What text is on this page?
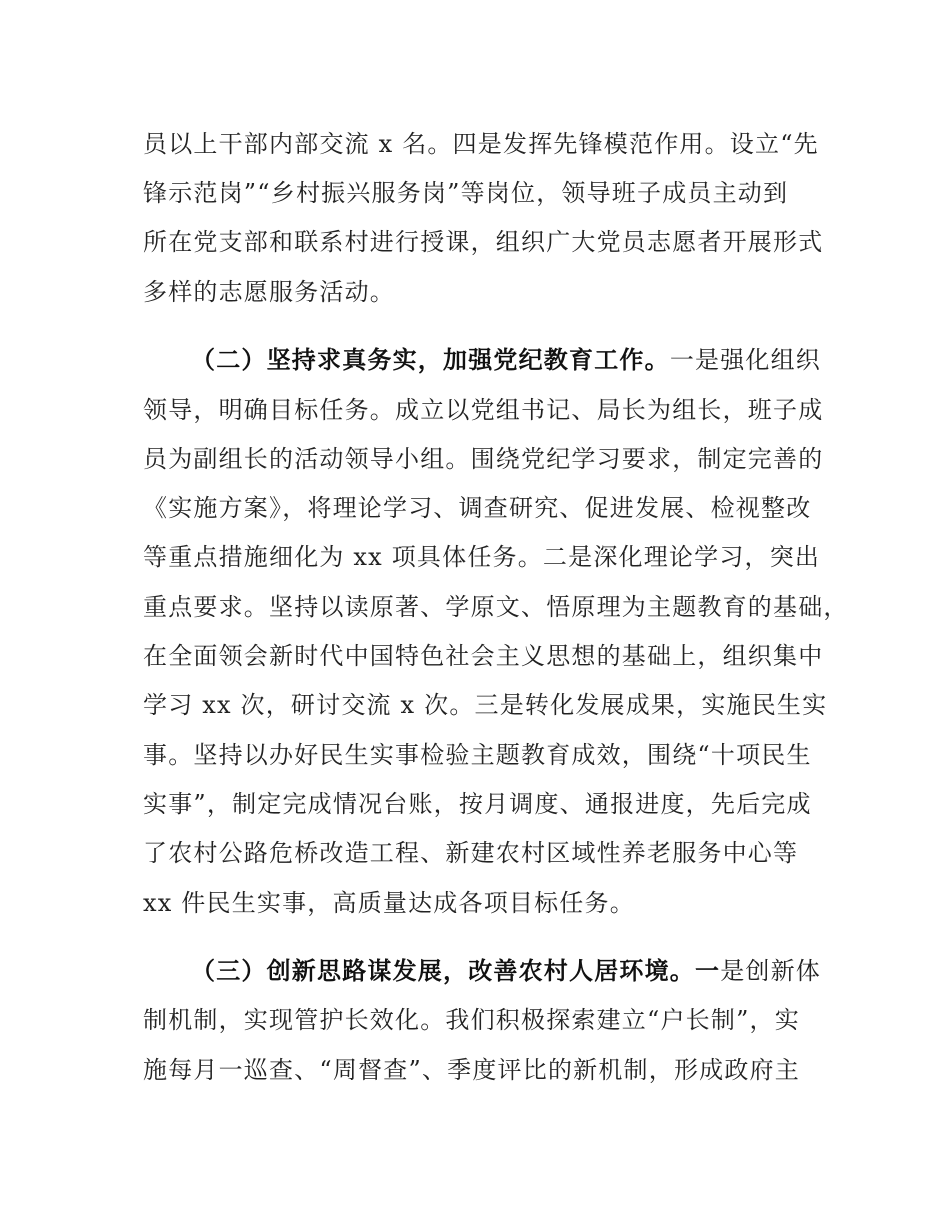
员以上干部内部交流 x 名。四是发挥先锋模范作用。设立“先
锋示范岗”“乡村振兴服务岗”等岗位，领导班子成员主动到
所在党支部和联系村进行授课，组织广大党员志愿者开展形式
多样的志愿服务活动。
（二）坚持求真务实，加强党纪教育工作。一是强化组织
领导，明确目标任务。成立以党组书记、局长为组长，班子成
员为副组长的活动领导小组。围绕党纪学习要求，制定完善的
《实施方案》，将理论学习、调查研究、促进发展、检视整改
等重点措施细化为 xx 项具体任务。二是深化理论学习，突出
重点要求。坚持以读原著、学原文、悟原理为主题教育的基础，
在全面领会新时代中国特色社会主义思想的基础上，组织集中
学习 xx 次，研讨交流 x 次。三是转化发展成果，实施民生实
事。坚持以办好民生实事检验主题教育成效，围绕“十项民生
实事”，制定完成情况台账，按月调度、通报进度，先后完成
了农村公路危桥改造工程、新建农村区域性养老服务中心等
xx 件民生实事，高质量达成各项目标任务。
（三）创新思路谋发展，改善农村人居环境。一是创新体
制机制，实现管护长效化。我们积极探索建立“户长制”，实
施每月一巡查、“周督查”、季度评比的新机制，形成政府主
